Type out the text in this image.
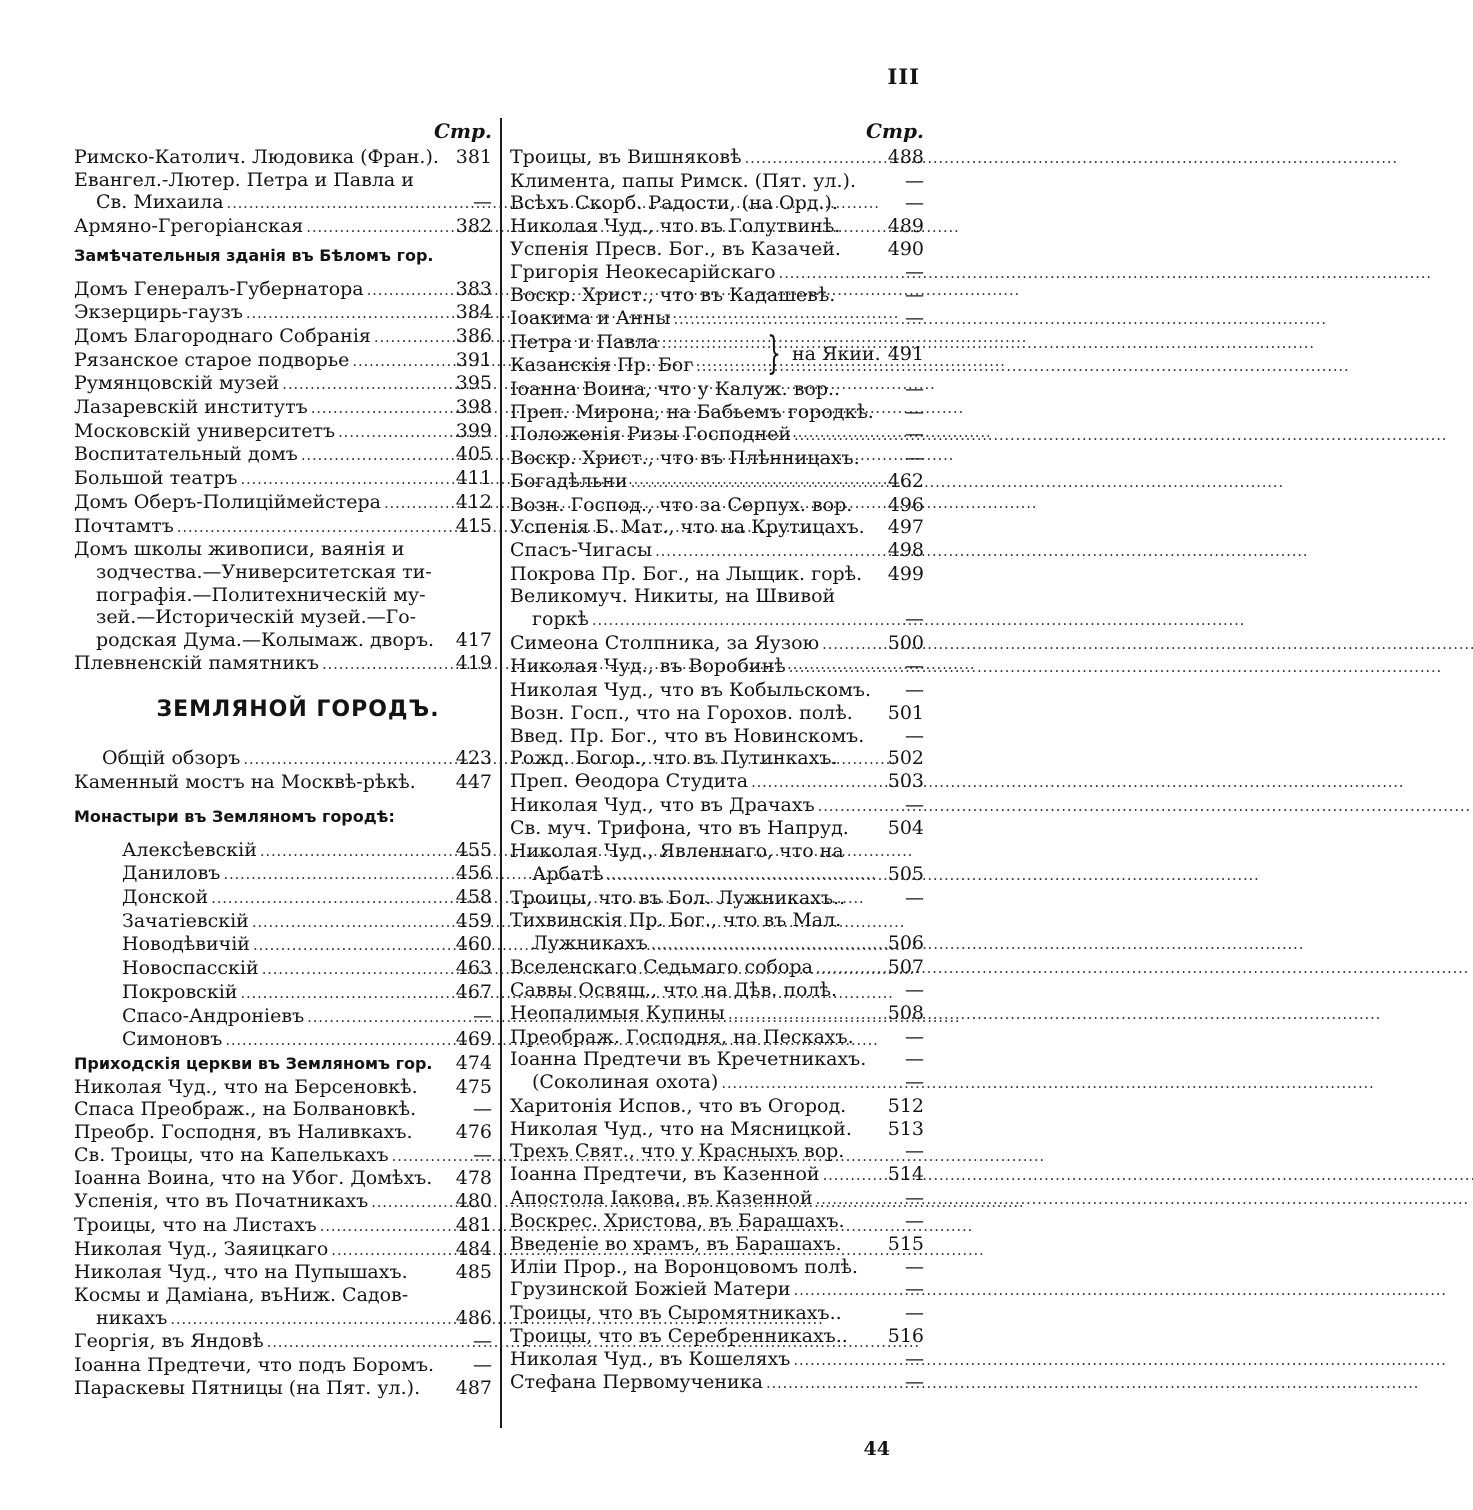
III
Стр.
Римско-Католич. Людовика (Фран.). 381
Евангел.-Лютер. Петра и Павла и
Св. Михаила . . .	—
Армяно-Грегоріанская . . .	382
Замѣчательныя зданія въ Бѣломъ гор.
Домъ Генералъ-Губернатора . . .	383
Экзерцирь-гаузъ . . .	384
Домъ Благороднаго Собранія . . .	386
Рязанское старое подворье . . .	391
Румянцовскій музей . . .	395
Лазаревскій институтъ . . .	398
Московскій университетъ . . .	399
Воспитательный домъ . . .	405
Большой театръ . . .	411
Домъ Оберъ-Полиціймейстера . . .	412
Почтамтъ . . .	415
Домъ школы живописи, ваянія и
зодчества.—Университетская ти-
пографія.—Политехническій му-
зей.—Историческій музей.—Го-
родская Дума.—Колымаж. дворъ. 417
Плевненскій памятникъ . . .	419
ЗЕМЛЯНОЙ ГОРОДЪ.
Общій обзоръ . . .	423
Каменный мостъ на Москвѣ-рѣкѣ. 447
Монастыри въ Земляномъ городѣ:
Алексѣевскій . . .	455
Даниловъ . . .	456
Донской . . .	458
Зачатіевскій . . .	459
Новодѣвичій . . .	460
Новоспасскій . . .	463
Покровскій . . .	467
Спасо-Андроніевъ . . .	—
Симоновъ . . .	469
Приходскія церкви въ Земляномъ гор. 474
Николая Чуд., что на Берсеновкѣ. 475
Спаса Преображ., на Болвановкѣ.	—
Преобр. Господня, въ Наливкахъ. 476
Св. Троицы, что на Капелькахъ . . .	—
Іоанна Воина, что на Убог. Домѣхъ. 478
Успенія, что въ Початникахъ . . .	480
Троицы, что на Листахъ . . .	481
Николая Чуд., Заяицкаго . . .	484
Николая Чуд., что на Пупышахъ.	485
Космы и Даміана, въНиж. Садов-
никахъ . . .	486
Георгія, въ Яндовѣ . . .	—
Іоанна Предтечи, что подъ Боромъ.	—
Параскевы Пятницы (на Пят. ул.). 487
Стр.
Троицы, въ Вишняковѣ . . .	488
Климента, папы Римск. (Пят. ул.).	—
Всѣхъ Скорб. Радости, (на Орд.).	—
Николая Чуд., что въ Голутвинѣ. 489
Успенія Пресв. Бог., въ Казачей. 490
Григорія Неокесарійскаго . . .	—
Воскр. Христ., что въ Кадашевѣ.	—
Іоакима и Анны . . .	—
Петра и Павла
. . .
Казанскія Пр. Бог . . . } на Якии. 491
Іоанна Воина, что у Калуж. вор..	—
Преп. Мирона, на Бабьемъ городкѣ.	—
Положенія Ризы Господней . . .	—
Воскр. Христ., что въ Плѣнницахъ.	—
Богадѣльни . . .	462
Возн. Господ., что за Серпух. вор. 496
Успенія Б. Мат., что на Крутицахъ. 497
Спасъ-Чигасы . . .	498
Покрова Пр. Бог., на Лыщик. горѣ. 499
Великомуч. Никиты, на Швивой
горкѣ . . .	—
Симеона Столпника, за Яузою . . .	500
Николая Чуд., въ Воробинѣ . . .	—
Николая Чуд., что въ Кобыльскомъ.	—
Возн. Госп., что на Горохов. полѣ. 501
Введ. Пр. Бог., что въ Новинскомъ.	—
Рожд. Богор., что въ Путинкахъ.	502
Преп. Ѳеодора Студита . . .	503
Николая Чуд., что въ Драчахъ . . .	—
Св. муч. Трифона, что въ Напруд. 504
Николая Чуд., Явленнаго, что на
Арбатѣ . . .	505
Троицы, что въ Бол. Лужникахъ..	—
Тихвинскія Пр. Бог., что въ Мал.
Лужникахъ . . .	506
Вселенскаго Седьмаго собора . . .	507
Саввы Освящ., что на Дѣв. полѣ.	—
Неопалимыя Купины . . .	508
Преображ. Господня, на Пескахъ.	—
Іоанна Предтечи въ Кречетникахъ.	—
(Соколиная охота) . . .	—
Харитонія Испов., что въ Огород. 512
Николая Чуд., что на Мясницкой. 513
Трехъ Свят., что у Красныхъ вор.	—
Іоанна Предтечи, въ Казенной . . .	514
Апостола Іакова, въ Казенной . . .	—
Воскрес. Христова, въ Барашахъ.	—
Введеніе во храмъ, въ Барашахъ. 515
Иліи Прор., на Воронцовомъ полѣ.	—
Грузинской Божіей Матери . . .	—
Троицы, что въ Сыромятникахъ..	—
Троицы, что въ Серебренникахъ.. 516
Николая Чуд., въ Кошеляхъ . . .	—
Стефана Первомученика . . .	—
44
